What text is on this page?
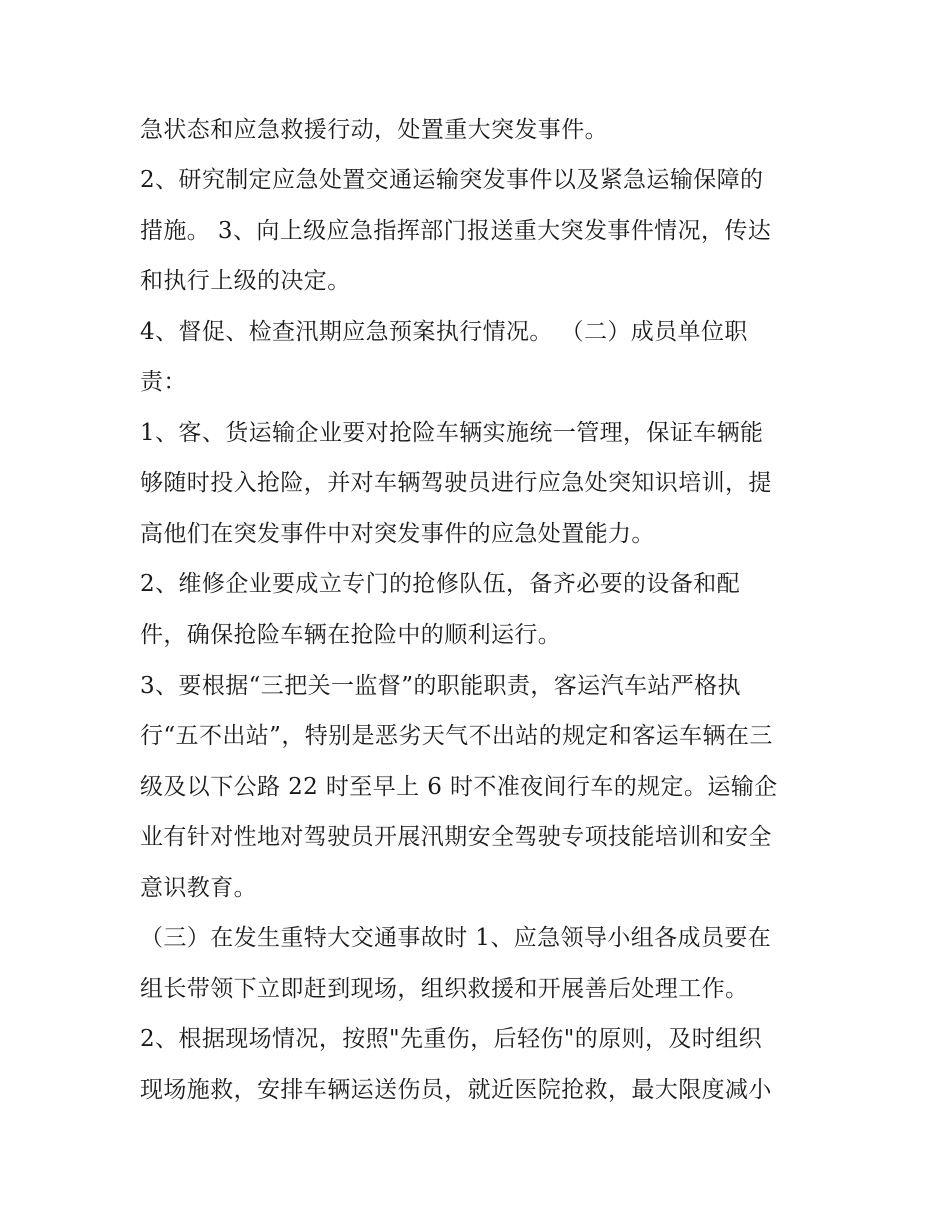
急状态和应急救援行动，处置重大突发事件。
2、研究制定应急处置交通运输突发事件以及紧急运输保障的
措施。 3、向上级应急指挥部门报送重大突发事件情况，传达
和执行上级的决定。
4、督促、检查汛期应急预案执行情况。 （二）成员单位职
责：
1、客、货运输企业要对抢险车辆实施统一管理，保证车辆能
够随时投入抢险，并对车辆驾驶员进行应急处突知识培训，提
高他们在突发事件中对突发事件的应急处置能力。
2、维修企业要成立专门的抢修队伍，备齐必要的设备和配
件，确保抢险车辆在抢险中的顺利运行。
3、要根据“三把关一监督”的职能职责，客运汽车站严格执
行“五不出站”，特别是恶劣天气不出站的规定和客运车辆在三
级及以下公路 22 时至早上 6 时不准夜间行车的规定。运输企
业有针对性地对驾驶员开展汛期安全驾驶专项技能培训和安全
意识教育。
（三）在发生重特大交通事故时 1、应急领导小组各成员要在
组长带领下立即赶到现场，组织救援和开展善后处理工作。
2、根据现场情况，按照"先重伤，后轻伤"的原则，及时组织
现场施救，安排车辆运送伤员，就近医院抢救，最大限度减小
